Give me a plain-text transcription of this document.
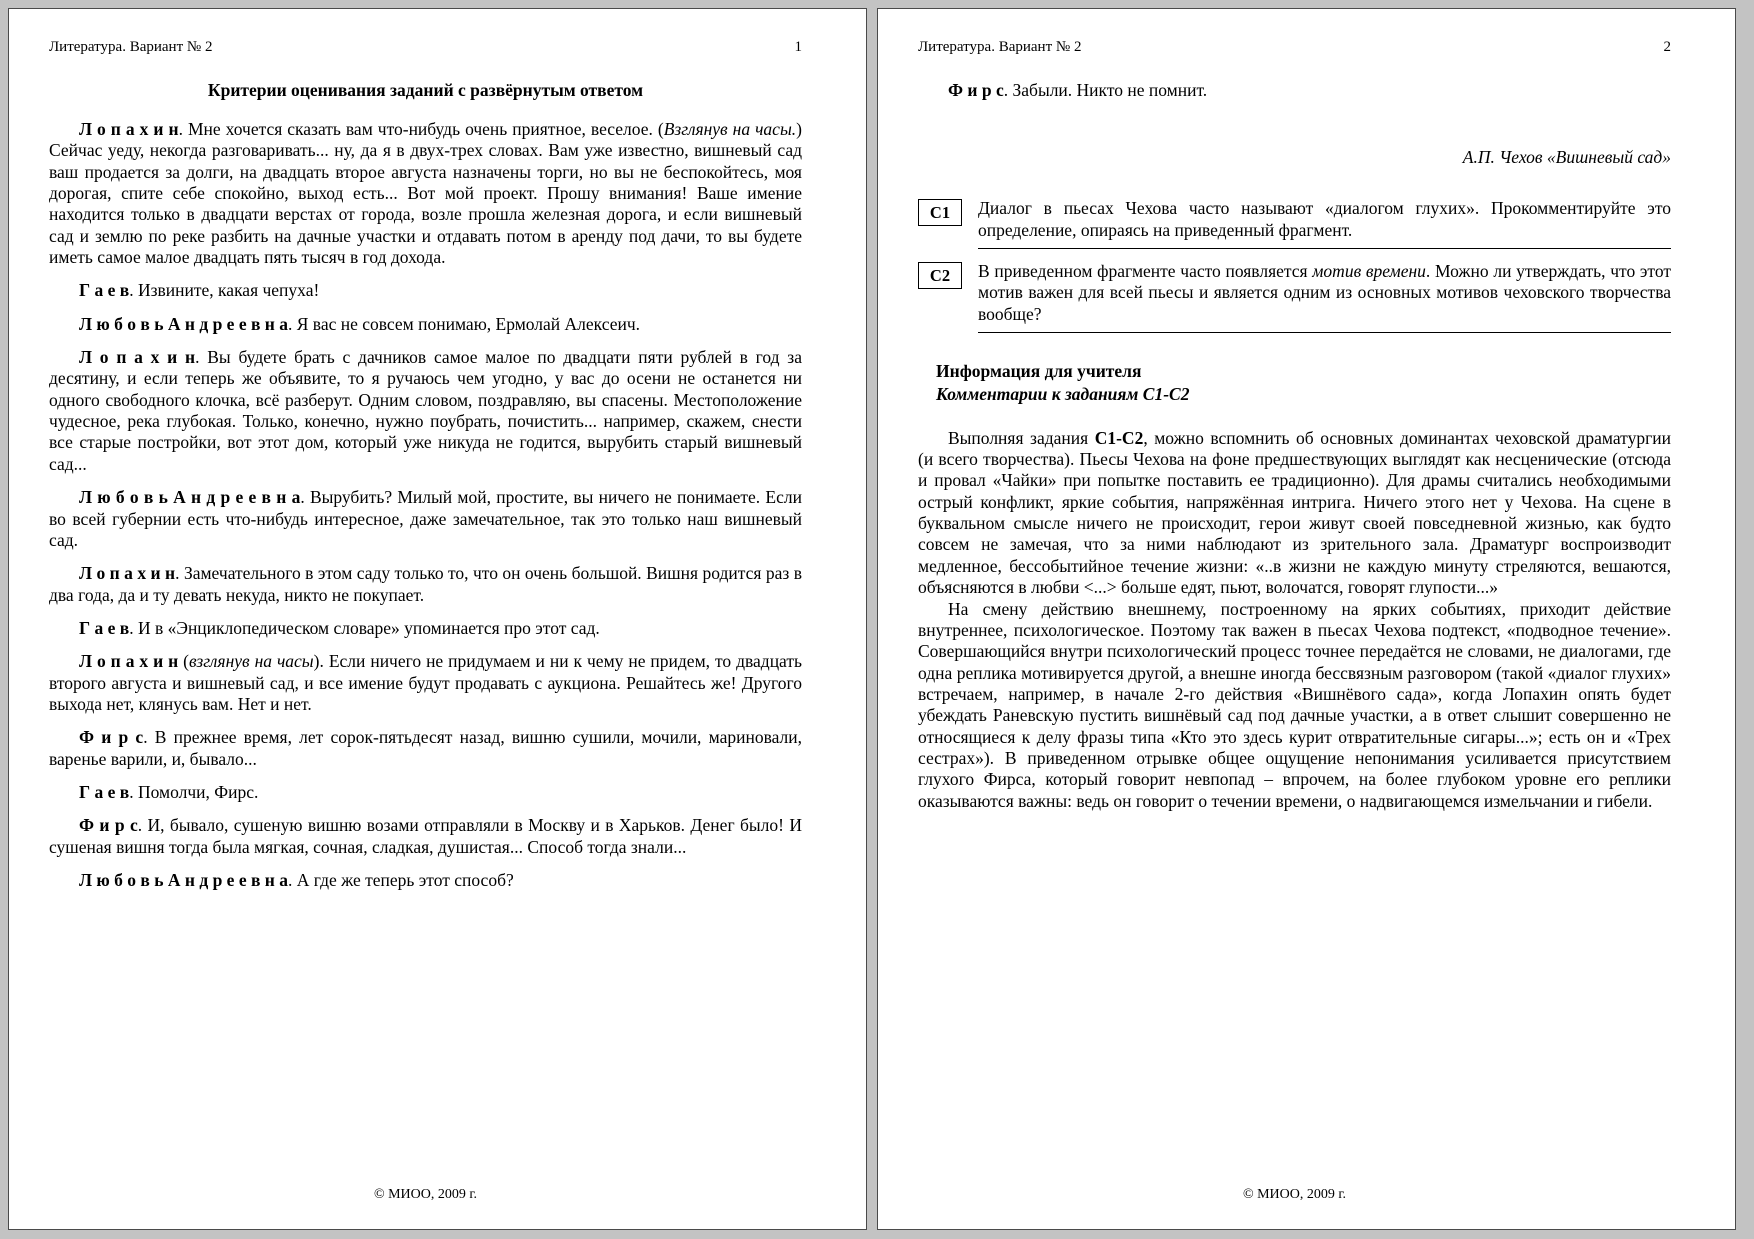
Литература. Вариант № 2	1
Критерии оценивания заданий с развёрнутым ответом

Л о п а х и н. Мне хочется сказать вам что-нибудь очень приятное, веселое. (Взглянув на часы.) Сейчас уеду, некогда разговаривать... ну, да я в двух-трех словах. Вам уже известно, вишневый сад ваш продается за долги, на двадцать второе августа назначены торги, но вы не беспокойтесь, моя дорогая, спите себе спокойно, выход есть... Вот мой проект. Прошу внимания! Ваше имение находится только в двадцати верстах от города, возле прошла железная дорога, и если вишневый сад и землю по реке разбить на дачные участки и отдавать потом в аренду под дачи, то вы будете иметь самое малое двадцать пять тысяч в год дохода.

Г а е в. Извините, какая чепуха!

Л ю б о в ь А н д р е е в н а. Я вас не совсем понимаю, Ермолай Алексеич.

Л о п а х и н. Вы будете брать с дачников самое малое по двадцати пяти рублей в год за десятину, и если теперь же объявите, то я ручаюсь чем угодно, у вас до осени не останется ни одного свободного клочка, всё разберут. Одним словом, поздравляю, вы спасены. Местоположение чудесное, река глубокая. Только, конечно, нужно поубрать, почистить... например, скажем, снести все старые постройки, вот этот дом, который уже никуда не годится, вырубить старый вишневый сад...

Л ю б о в ь А н д р е е в н а. Вырубить? Милый мой, простите, вы ничего не понимаете. Если во всей губернии есть что-нибудь интересное, даже замечательное, так это только наш вишневый сад.

Л о п а х и н. Замечательного в этом саду только то, что он очень большой. Вишня родится раз в два года, да и ту девать некуда, никто не покупает.

Г а е в. И в «Энциклопедическом словаре» упоминается про этот сад.

Л о п а х и н (взглянув на часы). Если ничего не придумаем и ни к чему не придем, то двадцать второго августа и вишневый сад, и все имение будут продавать с аукциона. Решайтесь же! Другого выхода нет, клянусь вам. Нет и нет.

Ф и р с. В прежнее время, лет сорок-пятьдесят назад, вишню сушили, мочили, мариновали, варенье варили, и, бывало...

Г а е в. Помолчи, Фирс.

Ф и р с. И, бывало, сушеную вишню возами отправляли в Москву и в Харьков. Денег было! И сушеная вишня тогда была мягкая, сочная, сладкая, душистая... Способ тогда знали...

Л ю б о в ь А н д р е е в н а. А где же теперь этот способ?

© МИОО, 2009 г.
Литература. Вариант № 2	2

Ф и р с. Забыли. Никто не помнит.

А.П. Чехов «Вишневый сад»
С1	Диалог в пьесах Чехова часто называют «диалогом глухих». Прокомментируйте это определение, опираясь на приведенный фрагмент.
С2	В приведенном фрагменте часто появляется мотив времени. Можно ли утверждать, что этот мотив важен для всей пьесы и является одним из основных мотивов чеховского творчества вообще?
Информация для учителя
Комментарии к заданиям С1-С2

Выполняя задания С1-С2, можно вспомнить об основных доминантах чеховской драматургии (и всего творчества). Пьесы Чехова на фоне предшествующих выглядят как несценические (отсюда и провал «Чайки» при попытке поставить ее традиционно). Для драмы считались необходимыми острый конфликт, яркие события, напряжённая интрига. Ничего этого нет у Чехова. На сцене в буквальном смысле ничего не происходит, герои живут своей повседневной жизнью, как будто совсем не замечая, что за ними наблюдают из зрительного зала. Драматург воспроизводит медленное, бессобытийное течение жизни: «..в жизни не каждую минуту стреляются, вешаются, объясняются в любви <...> больше едят, пьют, волочатся, говорят глупости...»

На смену действию внешнему, построенному на ярких событиях, приходит действие внутреннее, психологическое. Поэтому так важен в пьесах Чехова подтекст, «подводное течение». Совершающийся внутри психологический процесс точнее передаётся не словами, не диалогами, где одна реплика мотивируется другой, а внешне иногда бессвязным разговором (такой «диалог глухих» встречаем, например, в начале 2-го действия «Вишнёвого сада», когда Лопахин опять будет убеждать Раневскую пустить вишнёвый сад под дачные участки, а в ответ слышит совершенно не относящиеся к делу фразы типа «Кто это здесь курит отвратительные сигары...»; есть он и «Трех сестрах»). В приведенном отрывке общее ощущение непонимания усиливается присутствием глухого Фирса, который говорит невпопад – впрочем, на более глубоком уровне его реплики оказываются важны: ведь он говорит о течении времени, о надвигающемся измельчании и гибели.

© МИОО, 2009 г.
